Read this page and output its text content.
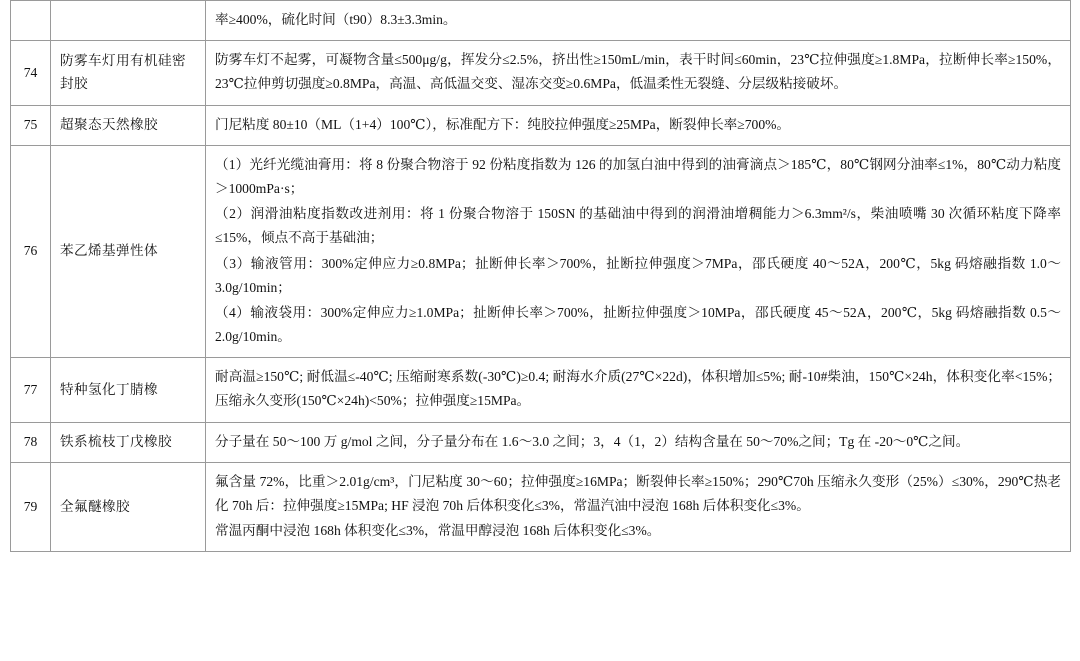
		率≥400%，硫化时间（t90）8.3±3.3min。

74	防雾车灯用有机硅密封胶	防雾车灯不起雾，可凝物含量≤500μg/g，挥发分≤2.5%，挤出性≥150mL/min，表干时间≤60min，23℃拉伸强度≥1.8MPa，拉断伸长率≥150%，23℃拉伸剪切强度≥0.8MPa，高温、高低温交变、湿冻交变≥0.6MPa，低温柔性无裂缝、分层级粘接破坏。

75	超聚态天然橡胶	门尼粘度 80±10（ML（1+4）100℃），标准配方下：纯胶拉伸强度≥25MPa，断裂伸长率≥700%。

76	苯乙烯基弹性体	（1）光纤光缆油膏用：将 8 份聚合物溶于 92 份粘度指数为 126 的加氢白油中得到的油膏滴点＞185℃，80℃钢网分油率≤1%，80℃动力粘度＞1000mPa·s；

（2）润滑油粘度指数改进剂用：将 1 份聚合物溶于 150SN 的基础油中得到的润滑油增稠能力＞6.3mm²/s，柴油喷嘴 30 次循环粘度下降率≤15%，倾点不高于基础油；

（3）输液管用：300%定伸应力≥0.8MPa；扯断伸长率＞700%，扯断拉伸强度＞7MPa，邵氏硬度 40～52A，200℃，5kg 码熔融指数 1.0～3.0g/10min；

（4）输液袋用：300%定伸应力≥1.0MPa；扯断伸长率＞700%，扯断拉伸强度＞10MPa，邵氏硬度 45～52A，200℃，5kg 码熔融指数 0.5～2.0g/10min。

77	特种氢化丁腈橡	耐高温≥150℃; 耐低温≤-40℃; 压缩耐寒系数(-30℃)≥0.4; 耐海水介质(27℃×22d)，体积增加≤5%; 耐-10#柴油，150℃×24h，体积变化率<15%；压缩永久变形(150℃×24h)<50%；拉伸强度≥15MPa。

78	铁系梳枝丁戊橡胶	分子量在 50～100 万 g/mol 之间，分子量分布在 1.6～3.0 之间；3，4（1，2）结构含量在 50～70%之间；Tg 在 -20～0℃之间。

79	全氟醚橡胶	氟含量 72%，比重＞2.01g/cm³，门尼粘度 30～60；拉伸强度≥16MPa；断裂伸长率≥150%；290℃70h 压缩永久变形（25%）≤30%，290℃热老化 70h 后：拉伸强度≥15MPa; HF 浸泡 70h 后体积变化≤3%，常温汽油中浸泡 168h 后体积变化≤3%。

常温丙酮中浸泡 168h 体积变化≤3%，常温甲醇浸泡 168h 后体积变化≤3%。
